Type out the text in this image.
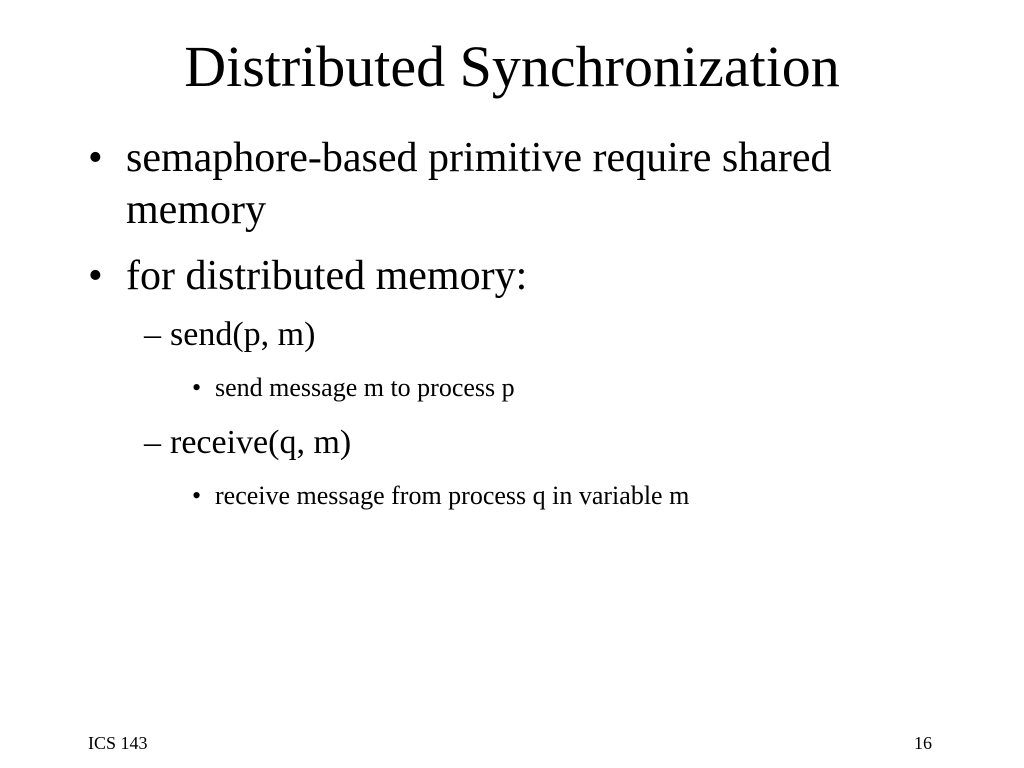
Distributed Synchronization
• semaphore-based primitive require shared
memory
• for distributed memory:
– send(p, m)
• send message m to process p
– receive(q, m)
• receive message from process q in variable m
ICS 143	16
